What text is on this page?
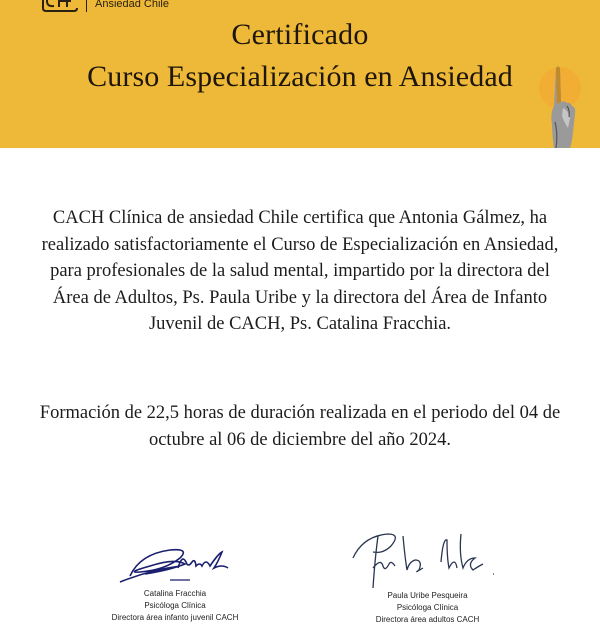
Ansiedad Chile
Certificado
Curso Especialización en Ansiedad
CACH Clínica de ansiedad Chile certifica que Antonia Gálmez, ha realizado satisfactoriamente el Curso de Especialización en Ansiedad, para profesionales de la salud mental, impartido por la directora del Área de Adultos, Ps. Paula Uribe y la directora del Área de Infanto Juvenil de CACH, Ps. Catalina Fracchia.
Formación de 22,5 horas de duración realizada en el periodo del 04 de octubre al 06 de diciembre del año 2024.
Catalina Fracchia
Psicóloga Clínica
Directora área infanto juvenil CACH
Paula Uribe Pesqueira
Psicóloga Clínica
Directora área adultos CACH
